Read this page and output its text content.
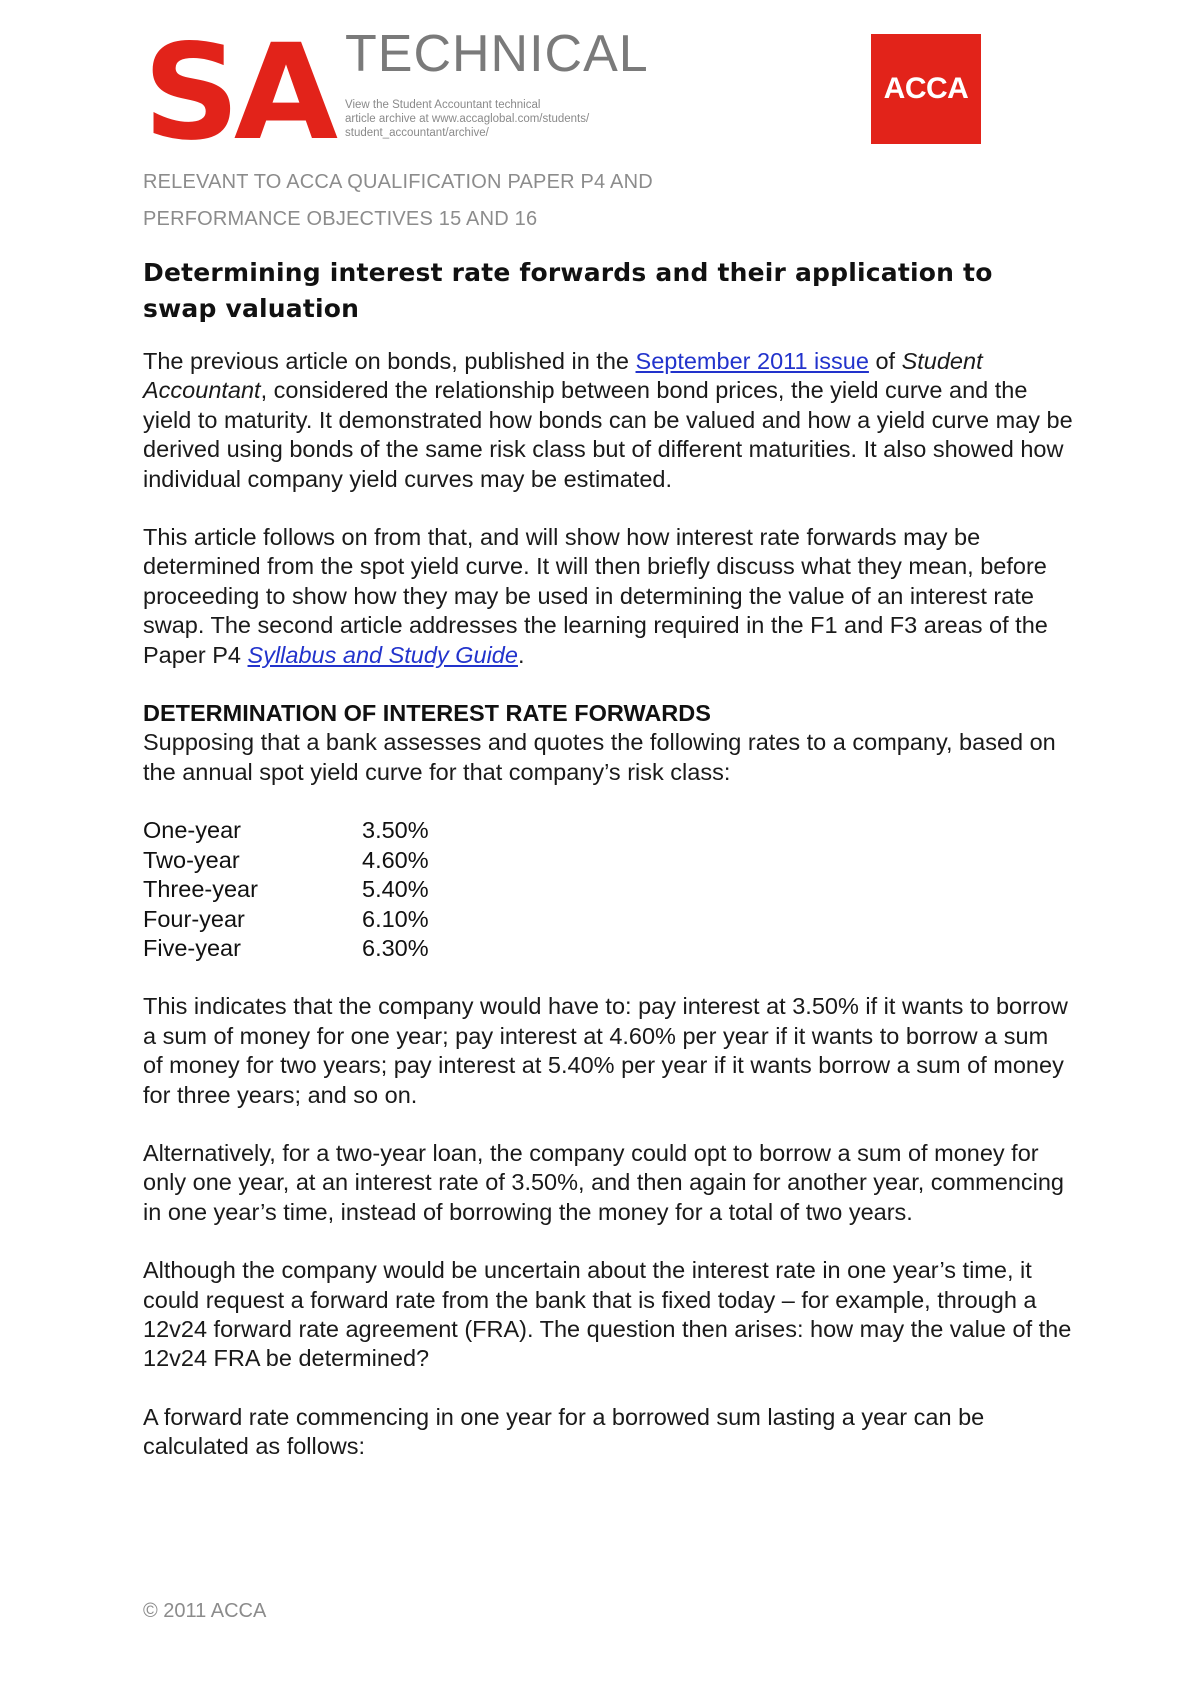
SA TECHNICAL
View the Student Accountant technical
article archive at www.accaglobal.com/students/
student_accountant/archive/
ACCA
RELEVANT TO ACCA QUALIFICATION PAPER P4 AND
PERFORMANCE OBJECTIVES 15 AND 16
Determining interest rate forwards and their application to swap valuation

The previous article on bonds, published in the September 2011 issue of Student Accountant, considered the relationship between bond prices, the yield curve and the yield to maturity. It demonstrated how bonds can be valued and how a yield curve may be derived using bonds of the same risk class but of different maturities. It also showed how individual company yield curves may be estimated.

This article follows on from that, and will show how interest rate forwards may be determined from the spot yield curve. It will then briefly discuss what they mean, before proceeding to show how they may be used in determining the value of an interest rate swap. The second article addresses the learning required in the F1 and F3 areas of the Paper P4 Syllabus and Study Guide.

DETERMINATION OF INTEREST RATE FORWARDS

Supposing that a bank assesses and quotes the following rates to a company, based on the annual spot yield curve for that company’s risk class:

One-year	3.50%
Two-year	4.60%
Three-year	5.40%
Four-year	6.10%
Five-year	6.30%

This indicates that the company would have to: pay interest at 3.50% if it wants to borrow a sum of money for one year; pay interest at 4.60% per year if it wants to borrow a sum of money for two years; pay interest at 5.40% per year if it wants borrow a sum of money for three years; and so on.

Alternatively, for a two-year loan, the company could opt to borrow a sum of money for only one year, at an interest rate of 3.50%, and then again for another year, commencing in one year’s time, instead of borrowing the money for a total of two years.

Although the company would be uncertain about the interest rate in one year’s time, it could request a forward rate from the bank that is fixed today – for example, through a 12v24 forward rate agreement (FRA). The question then arises: how may the value of the 12v24 FRA be determined?

A forward rate commencing in one year for a borrowed sum lasting a year can be calculated as follows:

© 2011 ACCA
